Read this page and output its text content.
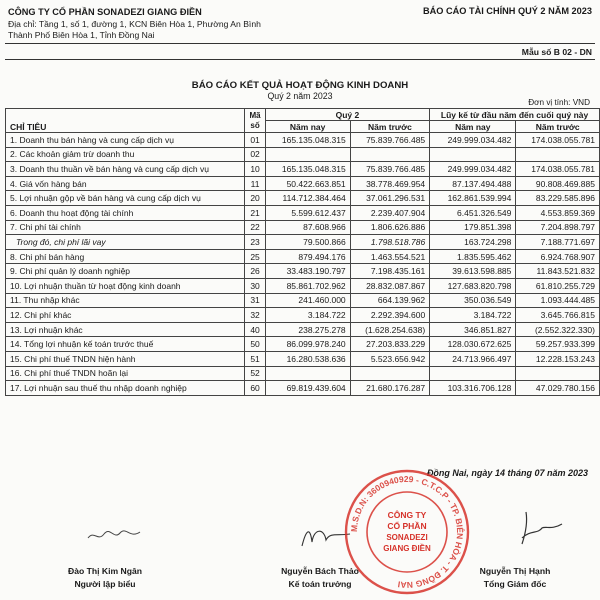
CÔNG TY CỔ PHẦN SONADEZI GIANG ĐIỀN
Địa chỉ: Tầng 1, số 1, đường 1, KCN Biên Hòa 1, Phường An Bình
Thành Phố Biên Hòa 1, Tỉnh Đồng Nai
BÁO CÁO TÀI CHÍNH QUÝ 2 NĂM 2023
Mẫu số B 02 - DN
BÁO CÁO KẾT QUẢ HOẠT ĐỘNG KINH DOANH
Quý 2 năm 2023
Đơn vị tính: VND
CHỈ TIÊU	Mã số	Quý 2		Lũy kế từ đầu năm đến cuối quý này	
		Năm nay	Năm trước	Năm nay	Năm trước
1. Doanh thu bán hàng và cung cấp dịch vụ	01	165.135.048.315	75.839.766.485	249.999.034.482	174.038.055.781
2. Các khoản giảm trừ doanh thu	02				
3. Doanh thu thuần về bán hàng và cung cấp dịch vụ	10	165.135.048.315	75.839.766.485	249.999.034.482	174.038.055.781
4. Giá vốn hàng bán	11	50.422.663.851	38.778.469.954	87.137.494.488	90.808.469.885
5. Lợi nhuận gộp về bán hàng và cung cấp dịch vụ	20	114.712.384.464	37.061.296.531	162.861.539.994	83.229.585.896
6. Doanh thu hoạt động tài chính	21	5.599.612.437	2.239.407.904	6.451.326.549	4.553.859.369
7. Chi phí tài chính	22	87.608.966	1.806.626.886	179.851.398	7.204.898.797
Trong đó, chi phí lãi vay	23	79.500.866	1.798.518.786	163.724.298	7.188.771.697
8. Chi phí bán hàng	25	879.494.176	1.463.554.521	1.835.595.462	6.924.768.907
9. Chi phí quản lý doanh nghiệp	26	33.483.190.797	7.198.435.161	39.613.598.885	11.843.521.832
10. Lợi nhuận thuần từ hoạt động kinh doanh	30	85.861.702.962	28.832.087.867	127.683.820.798	61.810.255.729
11. Thu nhập khác	31	241.460.000	664.139.962	350.036.549	1.093.444.485
12. Chi phí khác	32	3.184.722	2.292.394.600	3.184.722	3.645.766.815
13. Lợi nhuận khác	40	238.275.278	(1.628.254.638)	346.851.827	(2.552.322.330)
14. Tổng lợi nhuận kế toán trước thuế	50	86.099.978.240	27.203.833.229	128.030.672.625	59.257.933.399
15. Chi phí thuế TNDN hiện hành	51	16.280.538.636	5.523.656.942	24.713.966.497	12.228.153.243
16. Chi phí thuế TNDN hoãn lại	52				
17. Lợi nhuận sau thuế thu nhập doanh nghiệp	60	69.819.439.604	21.680.176.287	103.316.706.128	47.029.780.156
Đồng Nai, ngày 14 tháng 07 năm 2023
M.S.D.N: 3600940929 - C.T.C.P - TP. BIÊN HÒA - T. ĐỒNG NAI
CÔNG TY
CỔ PHẦN
SONADEZI
GIANG ĐIỀN
Đào Thị Kim Ngân
Người lập biểu
Nguyễn Bách Thảo
Kế toán trưởng
Nguyễn Thị Hạnh
Tổng Giám đốc
